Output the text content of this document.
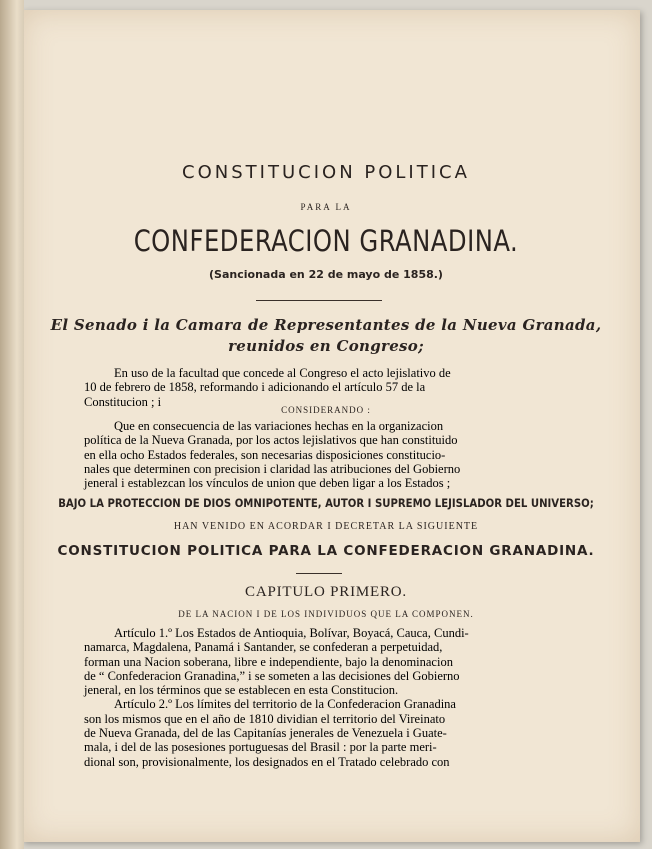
CONSTITUCION POLITICA
PARA LA
CONFEDERACION GRANADINA.
(Sancionada en 22 de mayo de 1858.)
El Senado i la Camara de Representantes de la Nueva Granada,
reunidos en Congreso;
En uso de la facultad que concede al Congreso el acto lejislativo de
10 de febrero de 1858, reformando i adicionando el artículo 57 de la
Constitucion ; i
CONSIDERANDO :
Que en consecuencia de las variaciones hechas en la organizacion
política de la Nueva Granada, por los actos lejislativos que han constituido
en ella ocho Estados federales, son necesarias disposiciones constitucio-
nales que determinen con precision i claridad las atribuciones del Gobierno
jeneral i establezcan los vínculos de union que deben ligar a los Estados ;
BAJO LA PROTECCION DE DIOS OMNIPOTENTE, AUTOR I SUPREMO LEJISLADOR DEL UNIVERSO;
HAN VENIDO EN ACORDAR I DECRETAR LA SIGUIENTE
CONSTITUCION POLITICA PARA LA CONFEDERACION GRANADINA.
CAPITULO PRIMERO.
DE LA NACION I DE LOS INDIVIDUOS QUE LA COMPONEN.
Artículo 1.º Los Estados de Antioquia, Bolívar, Boyacá, Cauca, Cundi-
namarca, Magdalena, Panamá i Santander, se confederan a perpetuidad,
forman una Nacion soberana, libre e independiente, bajo la denominacion
de “ Confederacion Granadina,” i se someten a las decisiones del Gobierno
jeneral, en los términos que se establecen en esta Constitucion.
Artículo 2.º Los límites del territorio de la Confederacion Granadina
son los mismos que en el año de 1810 dividian el territorio del Vireinato
de Nueva Granada, del de las Capitanías jenerales de Venezuela i Guate-
mala, i del de las posesiones portuguesas del Brasil : por la parte meri-
dional son, provisionalmente, los designados en el Tratado celebrado con
